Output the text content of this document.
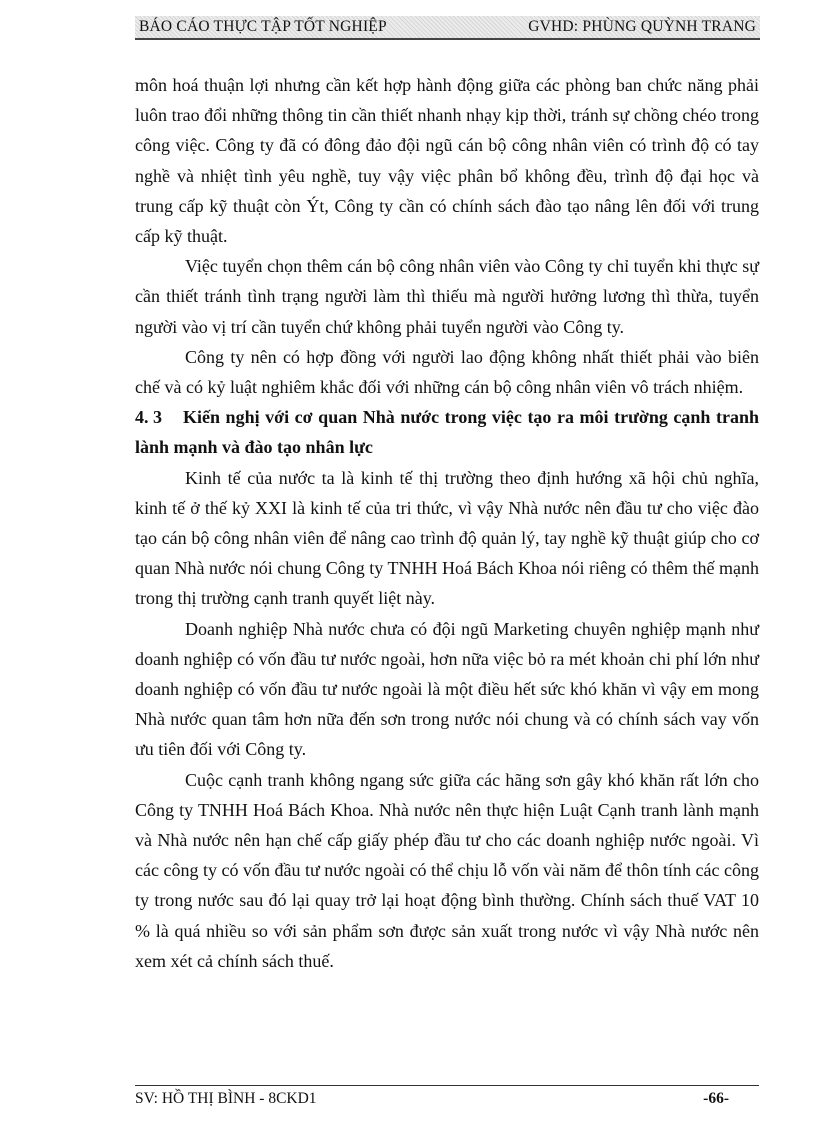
BÁO CÁO THỰC TẬP TỐT NGHIỆP	GVHD: PHÙNG QUỲNH TRANG

môn hoá thuận lợi nhưng cần kết hợp hành động giữa các phòng ban chức năng phải luôn trao đổi những thông tin cần thiết nhanh nhạy kịp thời, tránh sự chồng chéo trong công việc. Công ty đã có đông đảo đội ngũ cán bộ công nhân viên có trình độ có tay nghề và nhiệt tình yêu nghề, tuy vậy việc phân bổ không đều, trình độ đại học và trung cấp kỹ thuật còn Ýt, Công ty cần có chính sách đào tạo nâng lên đối với trung cấp kỹ thuật.

Việc tuyển chọn thêm cán bộ công nhân viên vào Công ty chỉ tuyển khi thực sự cần thiết tránh tình trạng người làm thì thiếu mà người hưởng lương thì thừa, tuyển người vào vị trí cần tuyển chứ không phải tuyển người vào Công ty.

Công ty nên có hợp đồng với người lao động không nhất thiết phải vào biên chế và có kỷ luật nghiêm khắc đối với những cán bộ công nhân viên vô trách nhiệm.

4. 3 Kiến nghị với cơ quan Nhà nước trong việc tạo ra môi trường cạnh tranh lành mạnh và đào tạo nhân lực

Kinh tế của nước ta là kinh tế thị trường theo định hướng xã hội chủ nghĩa, kinh tế ở thế kỷ XXI là kinh tế của tri thức, vì vậy Nhà nước nên đầu tư cho việc đào tạo cán bộ công nhân viên để nâng cao trình độ quản lý, tay nghề kỹ thuật giúp cho cơ quan Nhà nước nói chung Công ty TNHH Hoá Bách Khoa nói riêng có thêm thế mạnh trong thị trường cạnh tranh quyết liệt này.

Doanh nghiệp Nhà nước chưa có đội ngũ Marketing chuyên nghiệp mạnh như doanh nghiệp có vốn đầu tư nước ngoài, hơn nữa việc bỏ ra mét khoản chi phí lớn như doanh nghiệp có vốn đầu tư nước ngoài là một điều hết sức khó khăn vì vậy em mong Nhà nước quan tâm hơn nữa đến sơn trong nước nói chung và có chính sách vay vốn ưu tiên đối với Công ty.

Cuộc cạnh tranh không ngang sức giữa các hãng sơn gây khó khăn rất lớn cho Công ty TNHH Hoá Bách Khoa. Nhà nước nên thực hiện Luật Cạnh tranh lành mạnh và Nhà nước nên hạn chế cấp giấy phép đầu tư cho các doanh nghiệp nước ngoài. Vì các công ty có vốn đầu tư nước ngoài có thể chịu lỗ vốn vài năm để thôn tính các công ty trong nước sau đó lại quay trở lại hoạt động bình thường. Chính sách thuế VAT 10 % là quá nhiều so với sản phẩm sơn được sản xuất trong nước vì vậy Nhà nước nên xem xét cả chính sách thuế.

SV: HỒ THỊ BÌNH - 8CKD1	-66-
